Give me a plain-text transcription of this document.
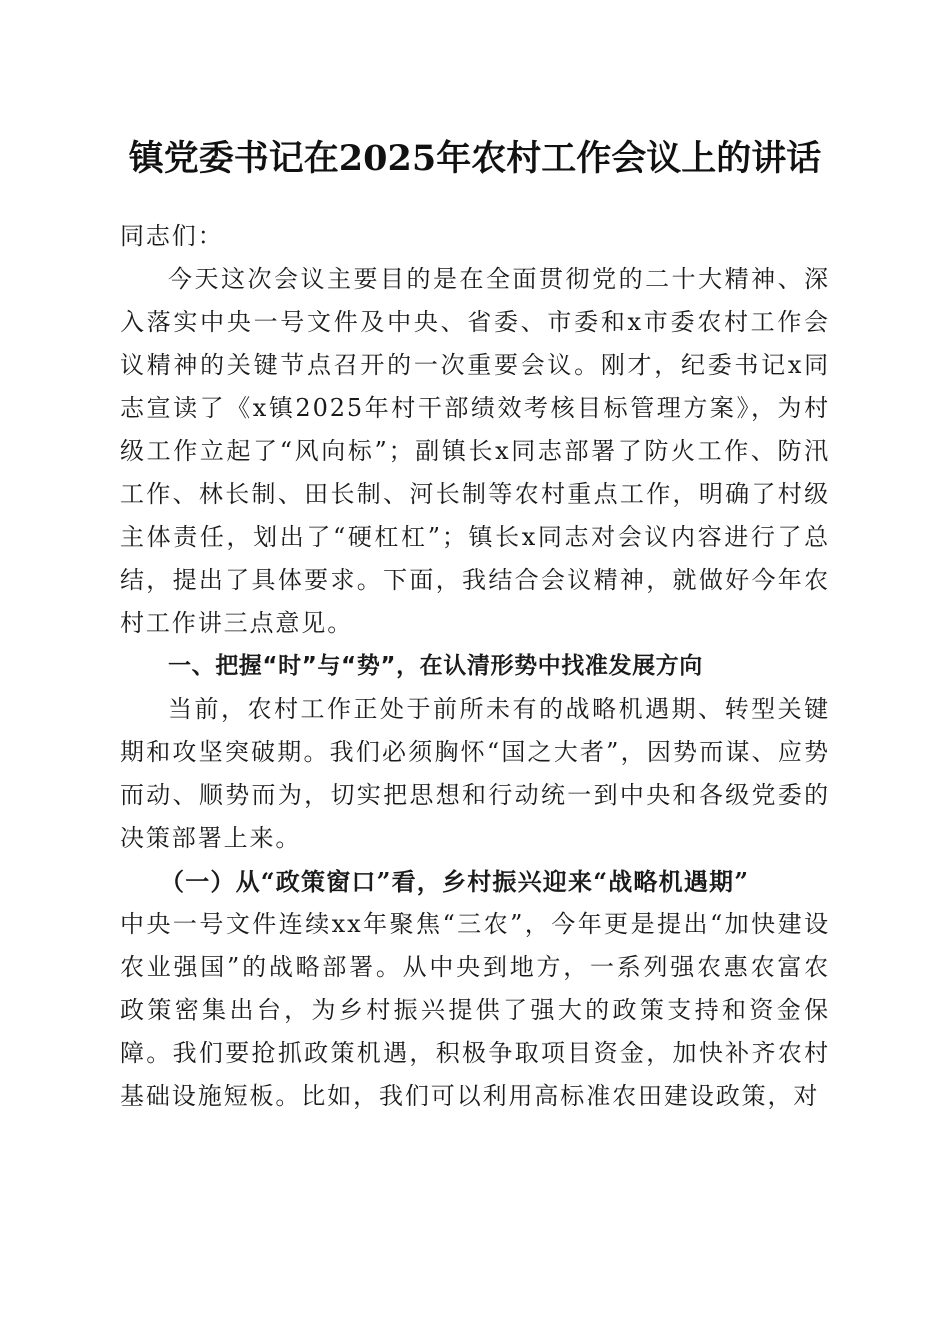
镇党委书记在2025年农村工作会议上的讲话

同志们：

今天这次会议主要目的是在全面贯彻党的二十大精神、深入落实中央一号文件及中央、省委、市委和x市委农村工作会议精神的关键节点召开的一次重要会议。刚才，纪委书记x同志宣读了《x镇2025年村干部绩效考核目标管理方案》，为村级工作立起了“风向标”；副镇长x同志部署了防火工作、防汛工作、林长制、田长制、河长制等农村重点工作，明确了村级主体责任，划出了“硬杠杠”；镇长x同志对会议内容进行了总结，提出了具体要求。下面，我结合会议精神，就做好今年农村工作讲三点意见。

一、把握“时”与“势”，在认清形势中找准发展方向

当前，农村工作正处于前所未有的战略机遇期、转型关键期和攻坚突破期。我们必须胸怀“国之大者”，因势而谋、应势而动、顺势而为，切实把思想和行动统一到中央和各级党委的决策部署上来。

（一）从“政策窗口”看，乡村振兴迎来“战略机遇期”

中央一号文件连续xx年聚焦“三农”，今年更是提出“加快建设农业强国”的战略部署。从中央到地方，一系列强农惠农富农政策密集出台，为乡村振兴提供了强大的政策支持和资金保障。我们要抢抓政策机遇，积极争取项目资金，加快补齐农村基础设施短板。比如，我们可以利用高标准农田建设政策，对
